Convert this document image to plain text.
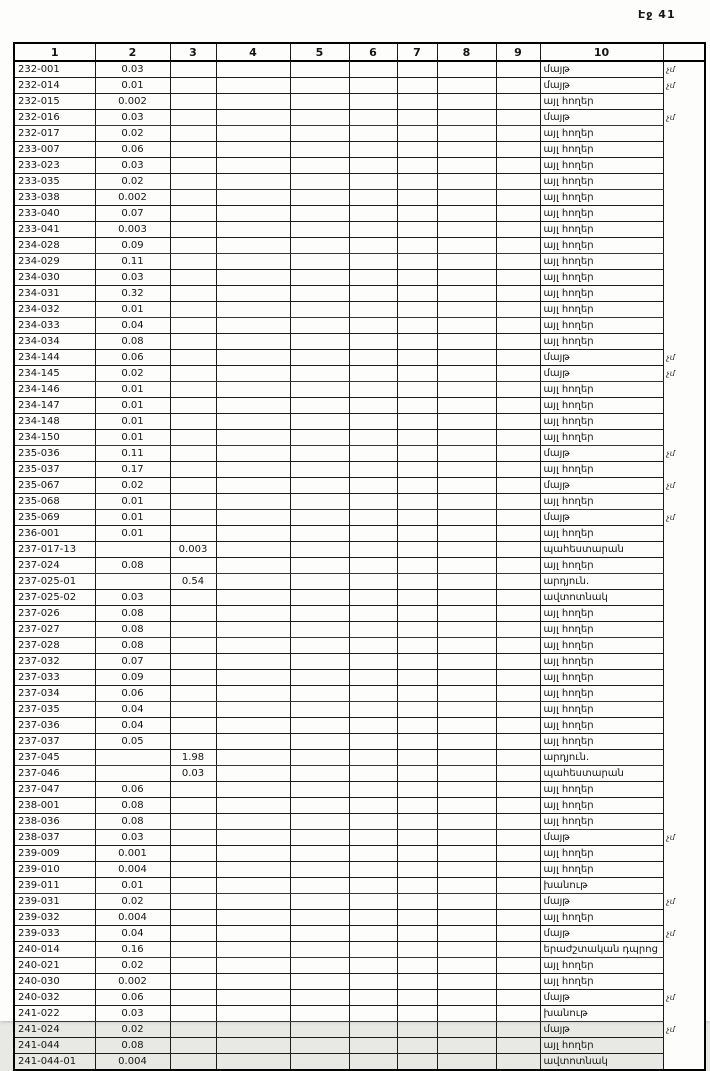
Էջ 41
1	2	3	4	5	6	7	8	9	10	
232-001	0.03								մայթ	չմ
232-014	0.01								մայթ	չմ
232-015	0.002								այլ հողեր	
232-016	0.03								մայթ	չմ
232-017	0.02								այլ հողեր	
233-007	0.06								այլ հողեր	
233-023	0.03								այլ հողեր	
233-035	0.02								այլ հողեր	
233-038	0.002								այլ հողեր	
233-040	0.07								այլ հողեր	
233-041	0.003								այլ հողեր	
234-028	0.09								այլ հողեր	
234-029	0.11								այլ հողեր	
234-030	0.03								այլ հողեր	
234-031	0.32								այլ հողեր	
234-032	0.01								այլ հողեր	
234-033	0.04								այլ հողեր	
234-034	0.08								այլ հողեր	
234-144	0.06								մայթ	չմ
234-145	0.02								մայթ	չմ
234-146	0.01								այլ հողեր	
234-147	0.01								այլ հողեր	
234-148	0.01								այլ հողեր	
234-150	0.01								այլ հողեր	
235-036	0.11								մայթ	չմ
235-037	0.17								այլ հողեր	
235-067	0.02								մայթ	չմ
235-068	0.01								այլ հողեր	
235-069	0.01								մայթ	չմ
236-001	0.01								այլ հողեր	
237-017-13		0.003							պահեստարան	
237-024	0.08								այլ հողեր	
237-025-01		0.54							արդյուն.	
237-025-02	0.03								ավտոտնակ	
237-026	0.08								այլ հողեր	
237-027	0.08								այլ հողեր	
237-028	0.08								այլ հողեր	
237-032	0.07								այլ հողեր	
237-033	0.09								այլ հողեր	
237-034	0.06								այլ հողեր	
237-035	0.04								այլ հողեր	
237-036	0.04								այլ հողեր	
237-037	0.05								այլ հողեր	
237-045		1.98							արդյուն.	
237-046		0.03							պահեստարան	
237-047	0.06								այլ հողեր	
238-001	0.08								այլ հողեր	
238-036	0.08								այլ հողեր	
238-037	0.03								մայթ	չմ
239-009	0.001								այլ հողեր	
239-010	0.004								այլ հողեր	
239-011	0.01								խանութ	
239-031	0.02								մայթ	չմ
239-032	0.004								այլ հողեր	
239-033	0.04								մայթ	չմ
240-014	0.16								երաժշտական դպրոց	
240-021	0.02								այլ հողեր	
240-030	0.002								այլ հողեր	
240-032	0.06								մայթ	չմ
241-022	0.03								խանութ	
241-024	0.02								մայթ	չմ
241-044	0.08								այլ հողեր	
241-044-01	0.004								ավտոտնակ	
